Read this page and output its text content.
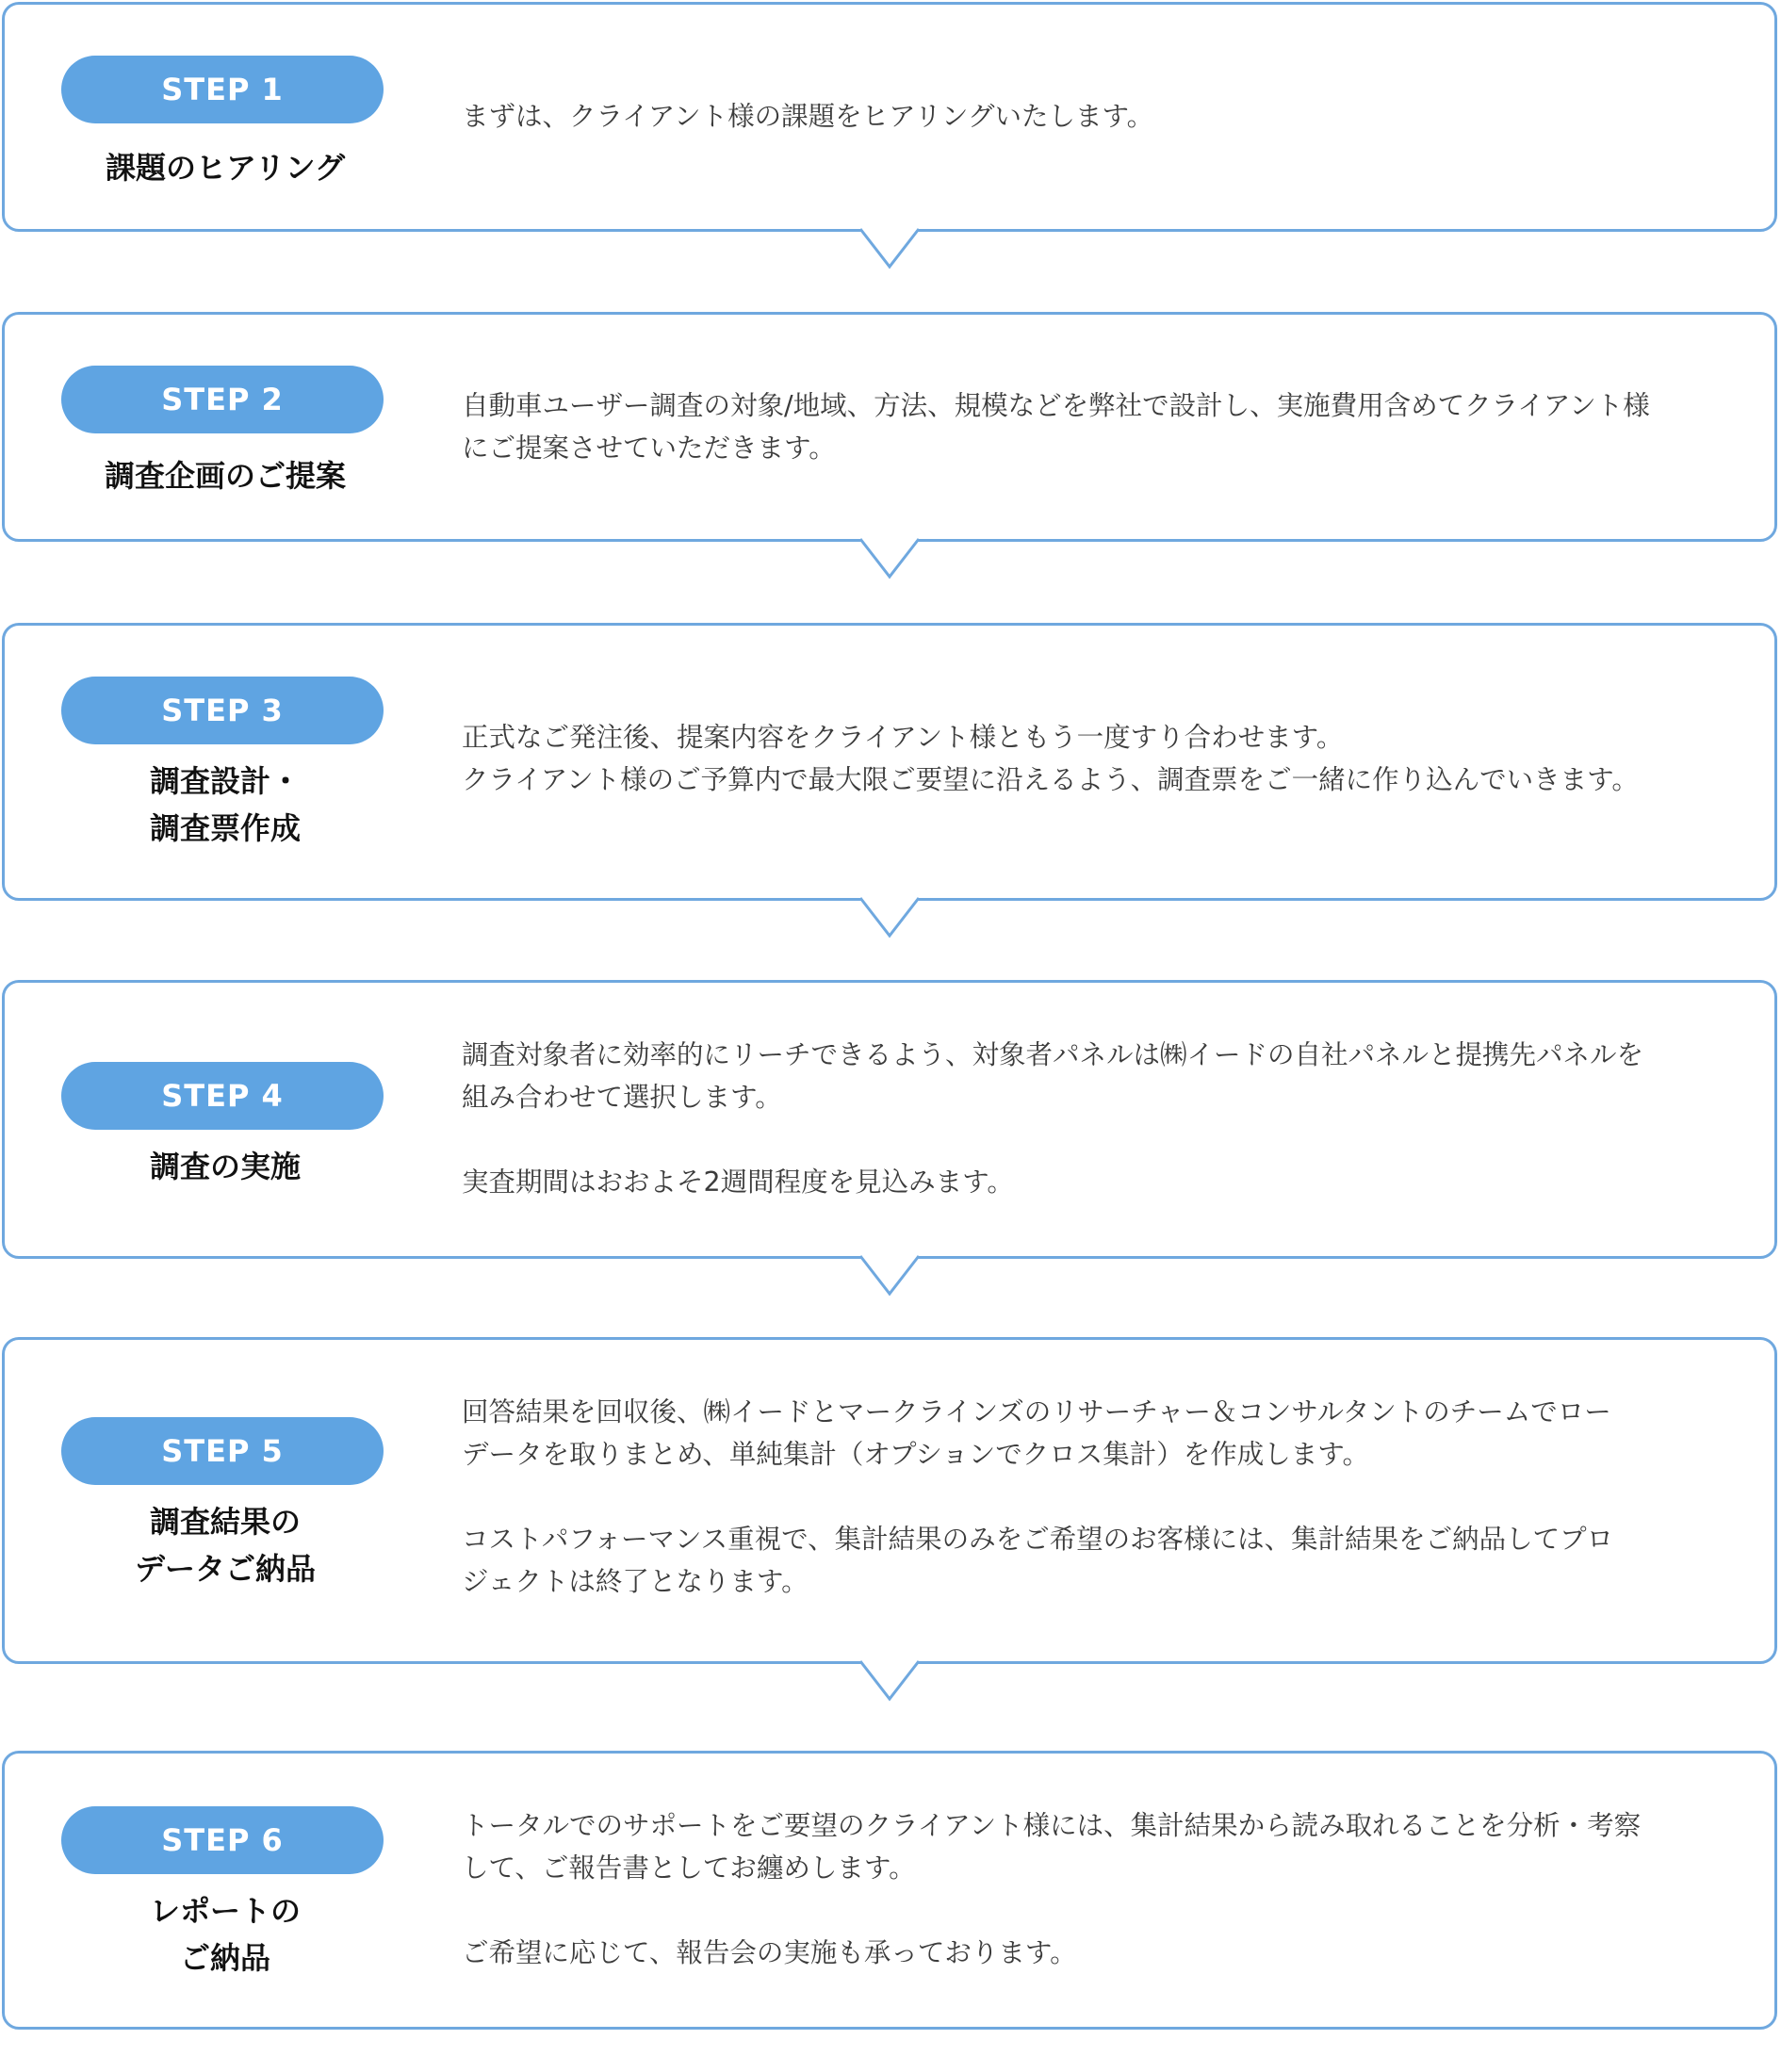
STEP 1
課題のヒアリング

まずは、クライアント様の課題をヒアリングいたします。

STEP 2
調査企画のご提案

自動車ユーザー調査の対象/地域、方法、規模などを弊社で設計し、実施費用含めてクライアント様
にご提案させていただきます。

STEP 3
調査設計・
調査票作成

正式なご発注後、提案内容をクライアント様ともう一度すり合わせます。
クライアント様のご予算内で最大限ご要望に沿えるよう、調査票をご一緒に作り込んでいきます。

STEP 4
調査の実施

調査対象者に効率的にリーチできるよう、対象者パネルは㈱イードの自社パネルと提携先パネルを
組み合わせて選択します。

実査期間はおおよそ2週間程度を見込みます。

STEP 5
調査結果の
データご納品

回答結果を回収後、㈱イードとマークラインズのリサーチャー＆コンサルタントのチームでロー
データを取りまとめ、単純集計（オプションでクロス集計）を作成します。

コストパフォーマンス重視で、集計結果のみをご希望のお客様には、集計結果をご納品してプロ
ジェクトは終了となります。

STEP 6
レポートの
ご納品

トータルでのサポートをご要望のクライアント様には、集計結果から読み取れることを分析・考察
して、ご報告書としてお纏めします。

ご希望に応じて、報告会の実施も承っております。
